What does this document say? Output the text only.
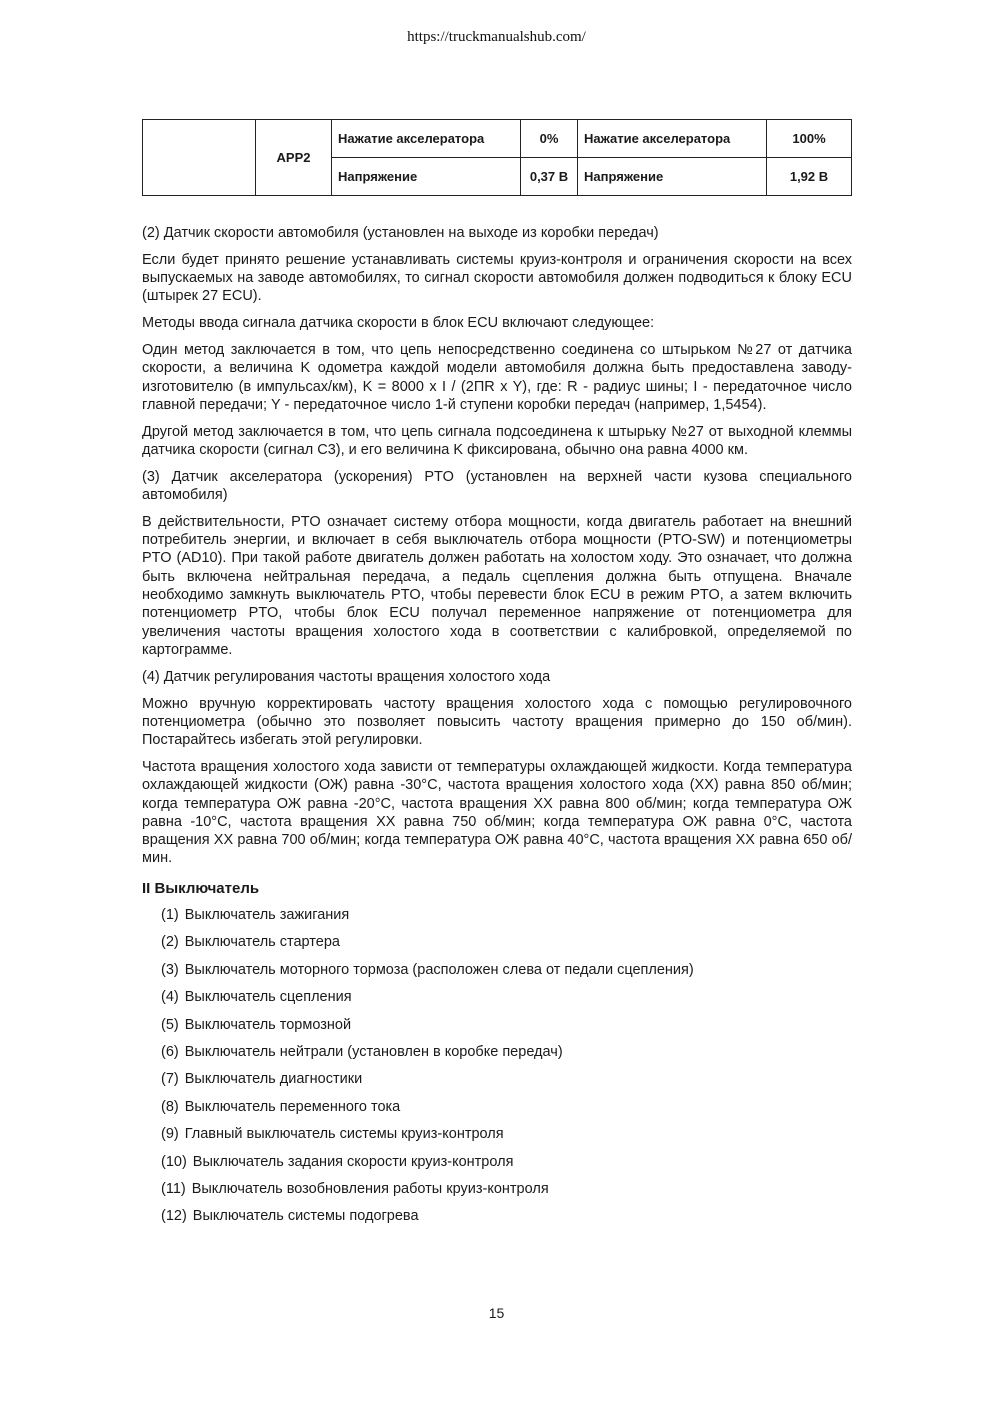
https://truckmanualshub.com/
	APP2	Нажатие акселератора	0%	Нажатие акселератора	100%
		Напряжение	0,37 В	Напряжение	1,92 В

(2) Датчик скорости автомобиля (установлен на выходе из коробки передач)

Если будет принято решение устанавливать системы круиз-контроля и ограничения скорости на всех выпускаемых на заводе автомобилях, то сигнал скорости автомобиля должен подводиться к блоку ECU (штырек 27 ECU).

Методы ввода сигнала датчика скорости в блок ECU включают следующее:

Один метод заключается в том, что цепь непосредственно соединена со штырьком №27 от датчика скорости, а величина K одометра каждой модели автомобиля должна быть предоставлена заводу-изготовителю (в импульсах/км), K = 8000 x I / (2ΠR x Y), где: R - радиус шины; I - передаточное число главной передачи; Y - передаточное число 1-й ступени коробки передач (например, 1,5454).

Другой метод заключается в том, что цепь сигнала подсоединена к штырьку №27 от выходной клеммы датчика скорости (сигнал C3), и его величина K фиксирована, обычно она равна 4000 км.

(3) Датчик акселератора (ускорения) PTO (установлен на верхней части кузова специального автомобиля)

В действительности, PTO означает систему отбора мощности, когда двигатель работает на внешний потребитель энергии, и включает в себя выключатель отбора мощности (PTO-SW) и потенциометры PTO (AD10). При такой работе двигатель должен работать на холостом ходу. Это означает, что должна быть включена нейтральная передача, а педаль сцепления должна быть отпущена. Вначале необходимо замкнуть выключатель PTO, чтобы перевести блок ECU в режим PTO, а затем включить потенциометр PTO, чтобы блок ECU получал переменное напряжение от потенциометра для увеличения частоты вращения холостого хода в соответствии с калибровкой, определяемой по картограмме.

(4) Датчик регулирования частоты вращения холостого хода

Можно вручную корректировать частоту вращения холостого хода с помощью регулировочного потенциометра (обычно это позволяет повысить частоту вращения примерно до 150 об/мин). Постарайтесь избегать этой регулировки.

Частота вращения холостого хода зависти от температуры охлаждающей жидкости. Когда температура охлаждающей жидкости (ОЖ) равна -30°С, частота вращения холостого хода (ХХ) равна 850 об/мин; когда температура ОЖ равна -20°С, частота вращения ХХ равна 800 об/мин; когда температура ОЖ равна -10°С, частота вращения ХХ равна 750 об/мин; когда температура ОЖ равна 0°С, частота вращения ХХ равна 700 об/мин; когда температура ОЖ равна 40°С, частота вращения ХХ равна 650 об/мин.

II Выключатель
(1) Выключатель зажигания
(2) Выключатель стартера
(3) Выключатель моторного тормоза (расположен слева от педали сцепления)
(4) Выключатель сцепления
(5) Выключатель тормозной
(6) Выключатель нейтрали (установлен в коробке передач)
(7) Выключатель диагностики
(8) Выключатель переменного тока
(9) Главный выключатель системы круиз-контроля
(10) Выключатель задания скорости круиз-контроля
(11) Выключатель возобновления работы круиз-контроля
(12) Выключатель системы подогрева
15
